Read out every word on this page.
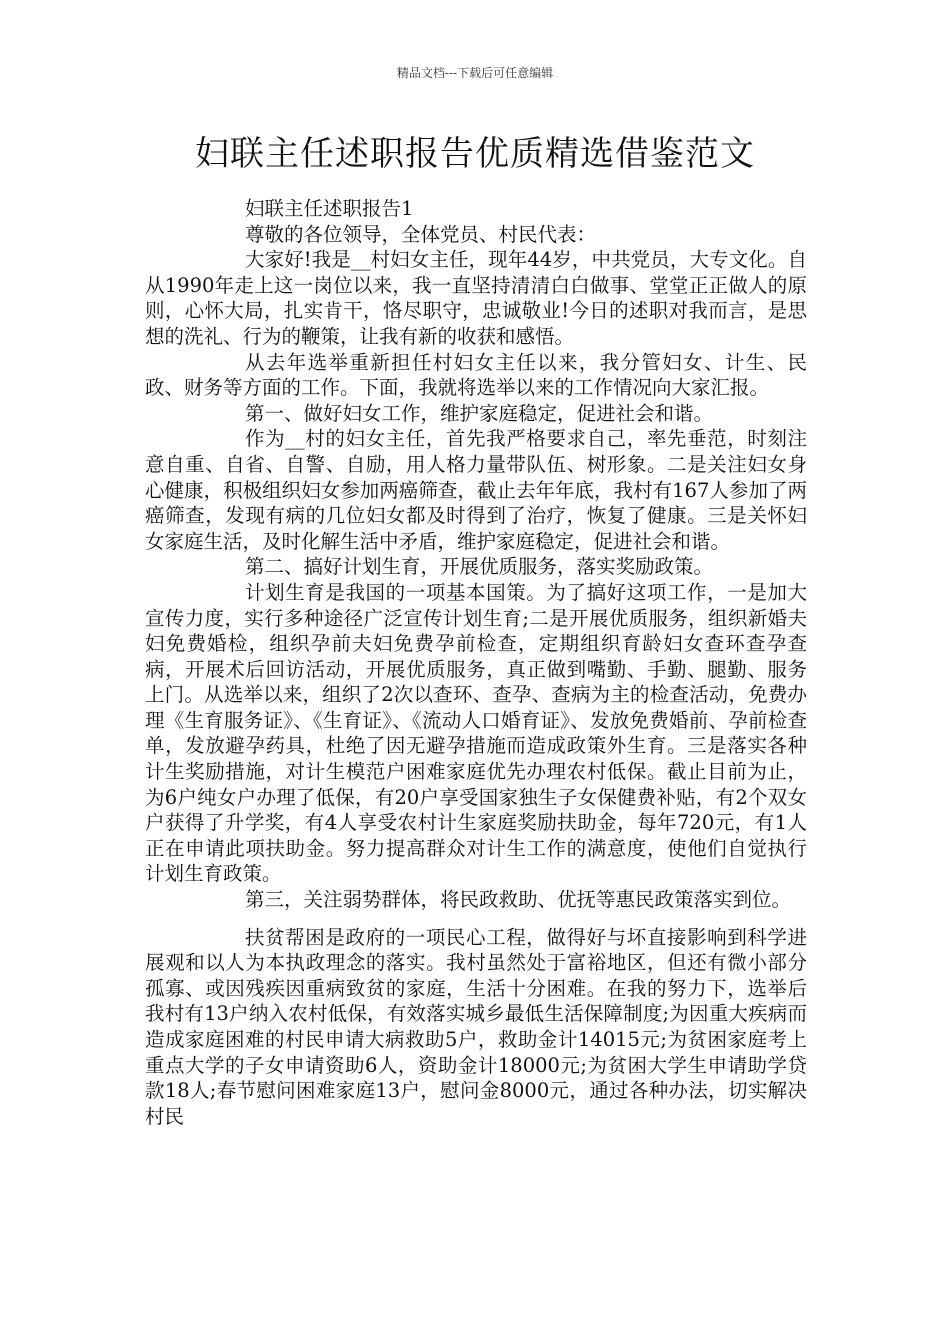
精品文档---下载后可任意编辑
妇联主任述职报告优质精选借鉴范文

妇联主任述职报告1

尊敬的各位领导，全体党员、村民代表：

大家好!我是__村妇女主任，现年44岁，中共党员，大专文化。自从1990年走上这一岗位以来，我一直坚持清清白白做事、堂堂正正做人的原则，心怀大局，扎实肯干，恪尽职守，忠诚敬业!今日的述职对我而言，是思想的洗礼、行为的鞭策，让我有新的收获和感悟。

从去年选举重新担任村妇女主任以来，我分管妇女、计生、民政、财务等方面的工作。下面，我就将选举以来的工作情况向大家汇报。

第一、做好妇女工作，维护家庭稳定，促进社会和谐。

作为__村的妇女主任，首先我严格要求自己，率先垂范，时刻注意自重、自省、自警、自励，用人格力量带队伍、树形象。二是关注妇女身心健康，积极组织妇女参加两癌筛查，截止去年年底，我村有167人参加了两癌筛查，发现有病的几位妇女都及时得到了治疗，恢复了健康。三是关怀妇女家庭生活，及时化解生活中矛盾，维护家庭稳定，促进社会和谐。

第二、搞好计划生育，开展优质服务，落实奖励政策。

计划生育是我国的一项基本国策。为了搞好这项工作，一是加大宣传力度，实行多种途径广泛宣传计划生育;二是开展优质服务，组织新婚夫妇免费婚检，组织孕前夫妇免费孕前检查，定期组织育龄妇女查环查孕查病，开展术后回访活动，开展优质服务，真正做到嘴勤、手勤、腿勤、服务上门。从选举以来，组织了2次以查环、查孕、查病为主的检查活动，免费办理《生育服务证》、《生育证》、《流动人口婚育证》、发放免费婚前、孕前检查单，发放避孕药具，杜绝了因无避孕措施而造成政策外生育。三是落实各种计生奖励措施，对计生模范户困难家庭优先办理农村低保。截止目前为止，为6户纯女户办理了低保，有20户享受国家独生子女保健费补贴，有2个双女户获得了升学奖，有4人享受农村计生家庭奖励扶助金，每年720元，有1人正在申请此项扶助金。努力提高群众对计生工作的满意度，使他们自觉执行计划生育政策。

第三，关注弱势群体，将民政救助、优抚等惠民政策落实到位。

扶贫帮困是政府的一项民心工程，做得好与坏直接影响到科学进展观和以人为本执政理念的落实。我村虽然处于富裕地区，但还有微小部分孤寡、或因残疾因重病致贫的家庭，生活十分困难。在我的努力下，选举后我村有13户纳入农村低保，有效落实城乡最低生活保障制度;为因重大疾病而造成家庭困难的村民申请大病救助5户，救助金计14015元;为贫困家庭考上重点大学的子女申请资助6人，资助金计18000元;为贫困大学生申请助学贷款18人;春节慰问困难家庭13户，慰问金8000元，通过各种办法，切实解决村民
